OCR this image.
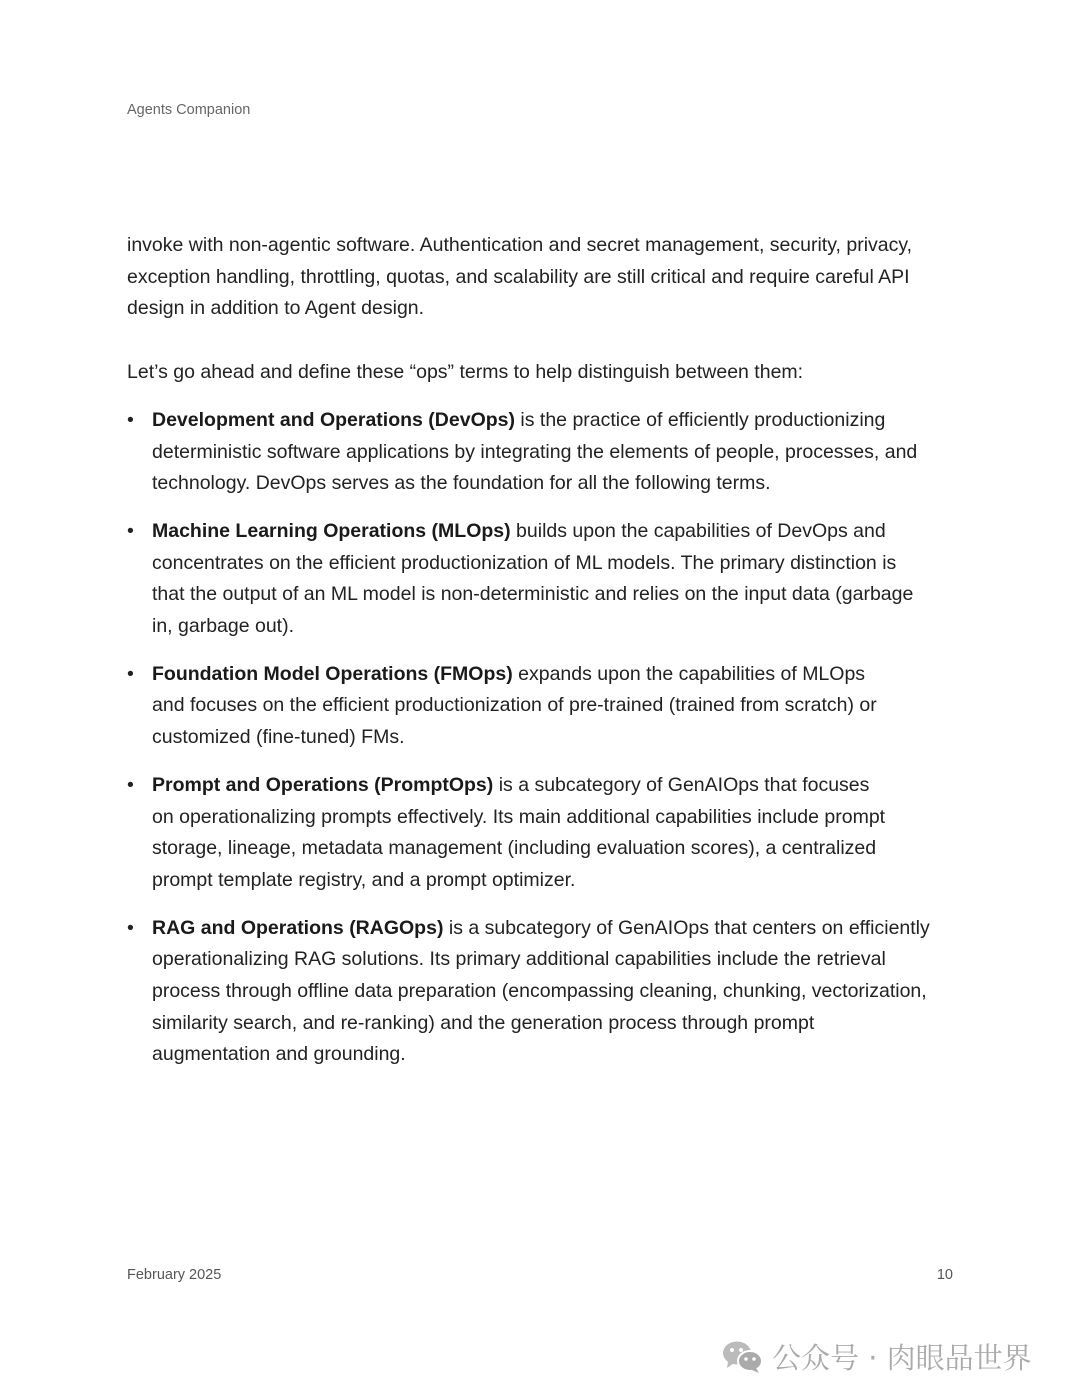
Agents Companion
invoke with non-agentic software. Authentication and secret management, security, privacy,
exception handling, throttling, quotas, and scalability are still critical and require careful API
design in addition to Agent design.
Let’s go ahead and define these “ops” terms to help distinguish between them:
• Development and Operations (DevOps) is the practice of efficiently productionizing
deterministic software applications by integrating the elements of people, processes, and
technology. DevOps serves as the foundation for all the following terms.
• Machine Learning Operations (MLOps) builds upon the capabilities of DevOps and
concentrates on the efficient productionization of ML models. The primary distinction is
that the output of an ML model is non-deterministic and relies on the input data (garbage
in, garbage out).
• Foundation Model Operations (FMOps) expands upon the capabilities of MLOps
and focuses on the efficient productionization of pre-trained (trained from scratch) or
customized (fine-tuned) FMs.
• Prompt and Operations (PromptOps) is a subcategory of GenAIOps that focuses
on operationalizing prompts effectively. Its main additional capabilities include prompt
storage, lineage, metadata management (including evaluation scores), a centralized
prompt template registry, and a prompt optimizer.
• RAG and Operations (RAGOps) is a subcategory of GenAIOps that centers on efficiently
operationalizing RAG solutions. Its primary additional capabilities include the retrieval
process through offline data preparation (encompassing cleaning, chunking, vectorization,
similarity search, and re-ranking) and the generation process through prompt
augmentation and grounding.
February 2025	10
公众号 · 肉眼品世界
